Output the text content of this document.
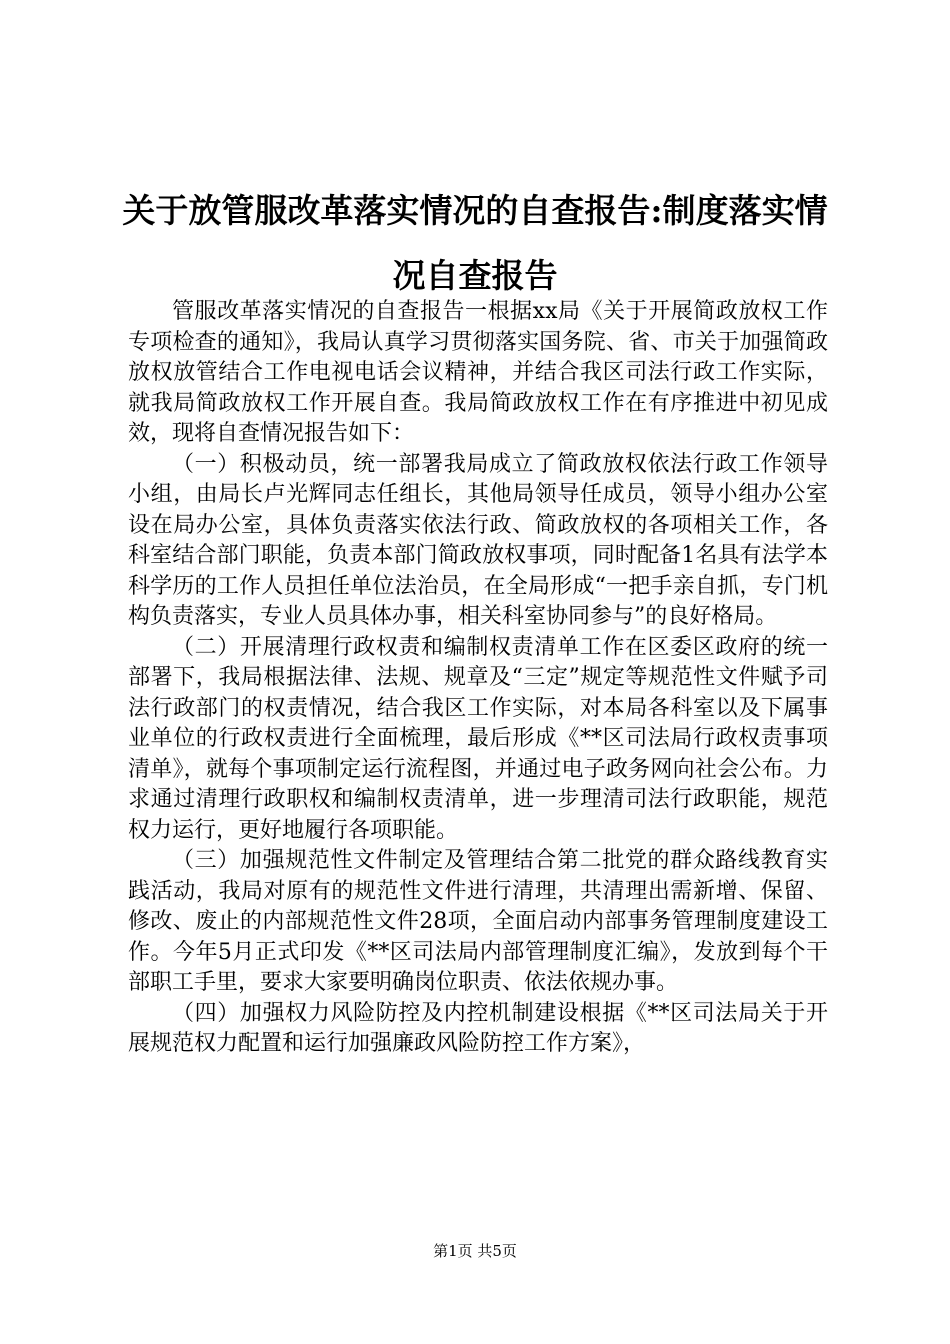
关于放管服改革落实情况的自查报告:制度落实情况自查报告

管服改革落实情况的自查报告一根据xx局《关于开展简政放权工作专项检查的通知》，我局认真学习贯彻落实国务院、省、市关于加强简政放权放管结合工作电视电话会议精神，并结合我区司法行政工作实际，就我局简政放权工作开展自查。我局简政放权工作在有序推进中初见成效，现将自查情况报告如下：

（一）积极动员，统一部署我局成立了简政放权依法行政工作领导小组，由局长卢光辉同志任组长，其他局领导任成员，领导小组办公室设在局办公室，具体负责落实依法行政、简政放权的各项相关工作，各科室结合部门职能，负责本部门简政放权事项，同时配备1名具有法学本科学历的工作人员担任单位法治员，在全局形成“一把手亲自抓，专门机构负责落实，专业人员具体办事，相关科室协同参与”的良好格局。

（二）开展清理行政权责和编制权责清单工作在区委区政府的统一部署下，我局根据法律、法规、规章及“三定”规定等规范性文件赋予司法行政部门的权责情况，结合我区工作实际，对本局各科室以及下属事业单位的行政权责进行全面梳理，最后形成《**区司法局行政权责事项清单》，就每个事项制定运行流程图，并通过电子政务网向社会公布。力求通过清理行政职权和编制权责清单，进一步理清司法行政职能，规范权力运行，更好地履行各项职能。

（三）加强规范性文件制定及管理结合第二批党的群众路线教育实践活动，我局对原有的规范性文件进行清理，共清理出需新增、保留、修改、废止的内部规范性文件28项，全面启动内部事务管理制度建设工作。今年5月正式印发《**区司法局内部管理制度汇编》，发放到每个干部职工手里，要求大家要明确岗位职责、依法依规办事。

（四）加强权力风险防控及内控机制建设根据《**区司法局关于开展规范权力配置和运行加强廉政风险防控工作方案》，

第1页 共5页
